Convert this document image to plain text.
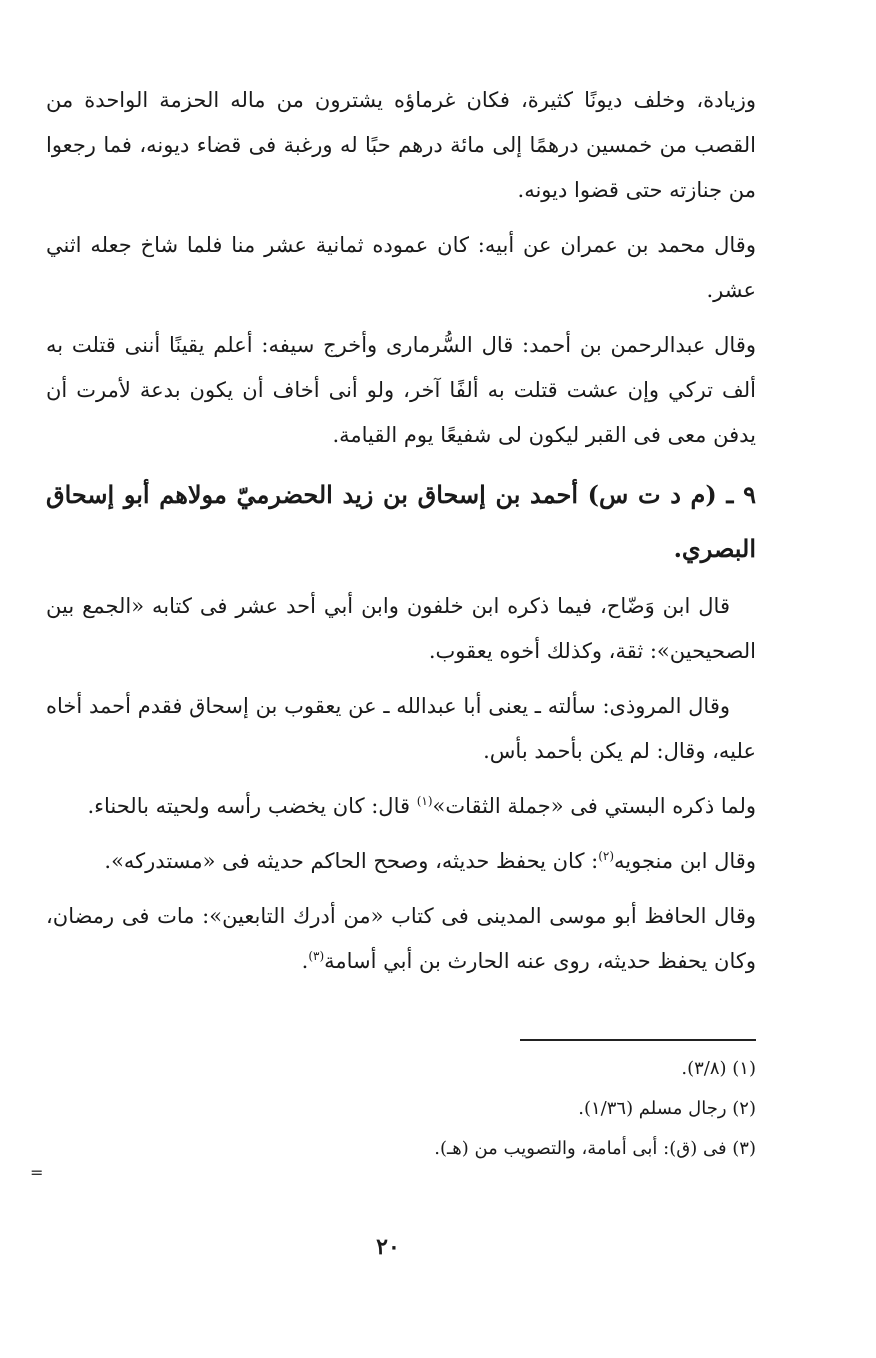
وزيادة، وخلف ديونًا كثيرة، فكان غرماؤه يشترون من ماله الحزمة الواحدة من القصب من خمسين درهمًا إلى مائة درهم حبًا له ورغبة فى قضاء ديونه، فما رجعوا من جنازته حتى قضوا ديونه.

وقال محمد بن عمران عن أبيه: كان عموده ثمانية عشر منا فلما شاخ جعله اثني عشر.

وقال عبدالرحمن بن أحمد: قال السُّرمارى وأخرج سيفه: أعلم يقينًا أننى قتلت به ألف تركي وإن عشت قتلت به ألفًا آخر، ولو أنى أخاف أن يكون بدعة لأمرت أن يدفن معى فى القبر ليكون لى شفيعًا يوم القيامة.

٩ ـ (م د ت س) أحمد بن إسحاق بن زيد الحضرميّ مولاهم أبو إسحاق البصري.

قال ابن وَضّاح، فيما ذكره ابن خلفون وابن أبي أحد عشر فى كتابه «الجمع بين الصحيحين»: ثقة، وكذلك أخوه يعقوب.

وقال المروذى: سألته ـ يعنى أبا عبدالله ـ عن يعقوب بن إسحاق فقدم أحمد أخاه عليه، وقال: لم يكن بأحمد بأس.

ولما ذكره البستي فى «جملة الثقات»$^{(١)}$ قال: كان يخضب رأسه ولحيته بالحناء.

وقال ابن منجويه$^{(٢)}$: كان يحفظ حديثه، وصحح الحاكم حديثه فى «مستدركه».

وقال الحافظ أبو موسى المدينى فى كتاب «من أدرك التابعين»: مات فى رمضان، وكان يحفظ حديثه، روى عنه الحارث بن أبي أسامة$^{(٣)}$.

(١) (٣/٨).

(٢) رجال مسلم (١/٣٦).

(٣) فى (ق): أبى أمامة، والتصويب من (هـ).

=
٢٠
